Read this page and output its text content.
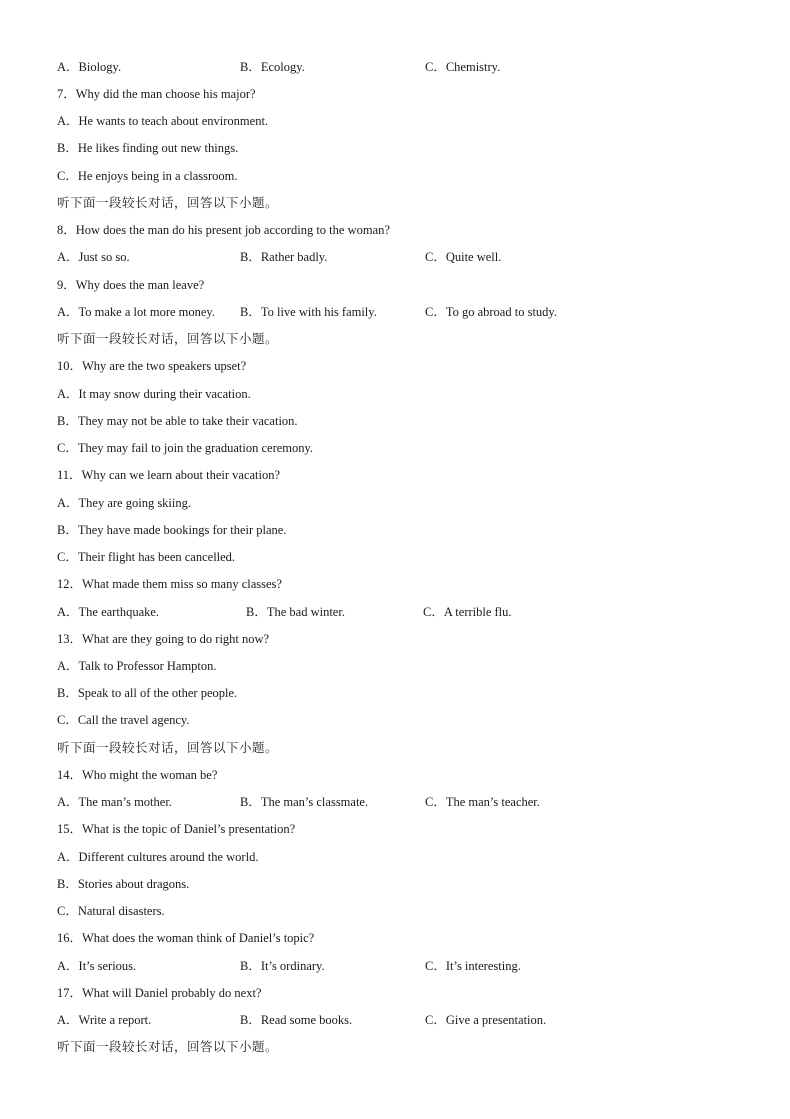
A．Biology.	B．Ecology.	C．Chemistry.
7．Why did the man choose his major?
A．He wants to teach about environment.
B．He likes finding out new things.
C．He enjoys being in a classroom.
听下面一段较长对话，回答以下小题。
8．How does the man do his present job according to the woman?
A．Just so so.	B．Rather badly.	C．Quite well.
9．Why does the man leave?
A．To make a lot more money. B．To live with his family.	C．To go abroad to study.
听下面一段较长对话，回答以下小题。
10．Why are the two speakers upset?
A．It may snow during their vacation.
B．They may not be able to take their vacation.
C．They may fail to join the graduation ceremony.
11．Why can we learn about their vacation?
A．They are going skiing.
B．They have made bookings for their plane.
C．Their flight has been cancelled.
12．What made them miss so many classes?
A．The earthquake.	B．The bad winter.	C．A terrible flu.
13．What are they going to do right now?
A．Talk to Professor Hampton.
B．Speak to all of the other people.
C．Call the travel agency.
听下面一段较长对话，回答以下小题。
14．Who might the woman be?
A．The man’s mother.	B．The man’s classmate.	C．The man’s teacher.
15．What is the topic of Daniel’s presentation?
A．Different cultures around the world.
B．Stories about dragons.
C．Natural disasters.
16．What does the woman think of Daniel’s topic?
A．It’s serious.	B．It’s ordinary.	C．It’s interesting.
17．What will Daniel probably do next?
A．Write a report.	B．Read some books.	C．Give a presentation.
听下面一段较长对话，回答以下小题。
